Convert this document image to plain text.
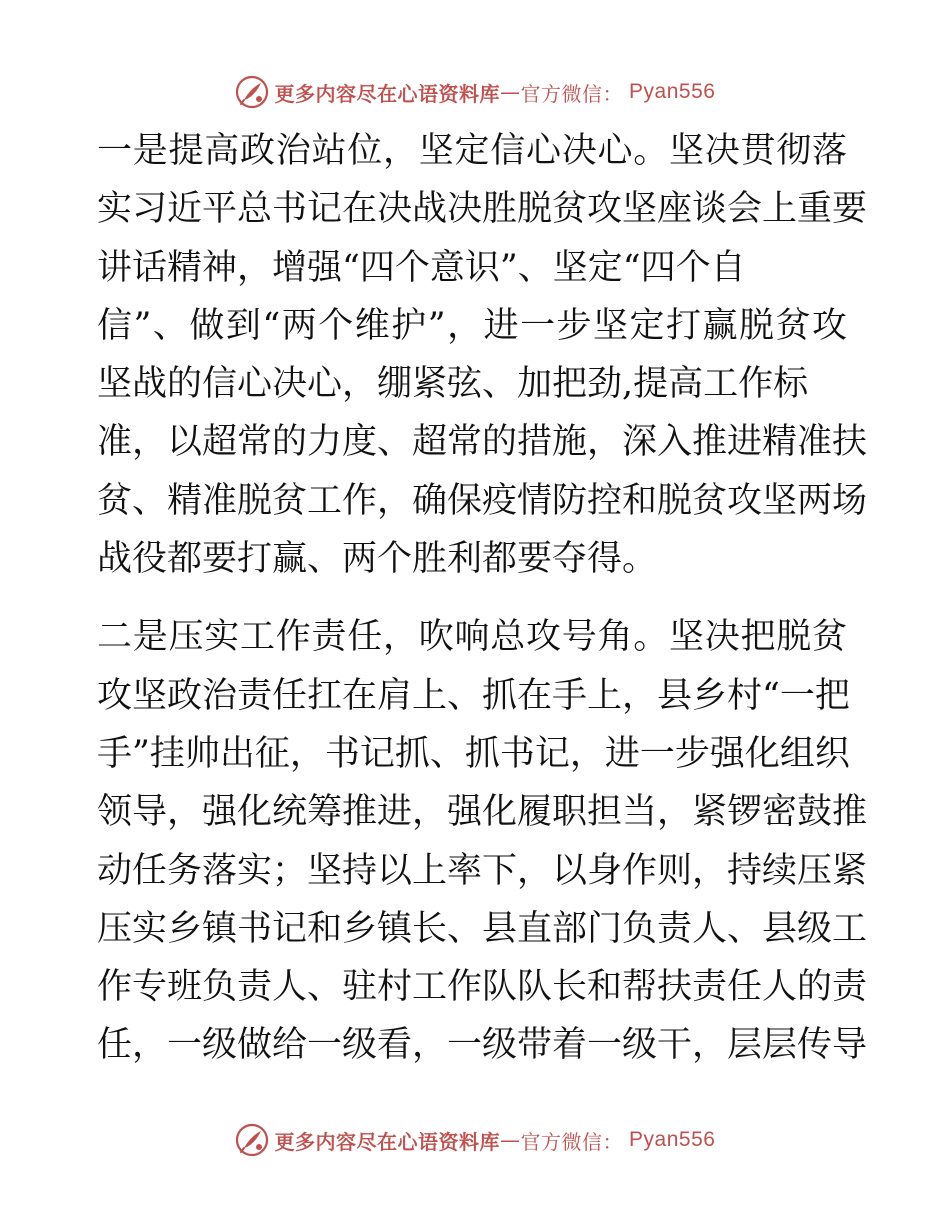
更多内容尽在心语资料库 — 官方微信： Pyan556
一是提高政治站位，坚定信心决心。坚决贯彻落
实习近平总书记在决战决胜脱贫攻坚座谈会上重要
讲话精神，增强“四个意识”、坚定“四个自
信”、做到“两个维护”，进一步坚定打赢脱贫攻
坚战的信心决心，绷紧弦、加把劲,提高工作标
准，以超常的力度、超常的措施，深入推进精准扶
贫、精准脱贫工作，确保疫情防控和脱贫攻坚两场
战役都要打赢、两个胜利都要夺得。
二是压实工作责任，吹响总攻号角。坚决把脱贫
攻坚政治责任扛在肩上、抓在手上，县乡村“一把
手”挂帅出征，书记抓、抓书记，进一步强化组织
领导，强化统筹推进，强化履职担当，紧锣密鼓推
动任务落实；坚持以上率下，以身作则，持续压紧
压实乡镇书记和乡镇长、县直部门负责人、县级工
作专班负责人、驻村工作队队长和帮扶责任人的责
任，一级做给一级看，一级带着一级干，层层传导
更多内容尽在心语资料库 — 官方微信： Pyan556
